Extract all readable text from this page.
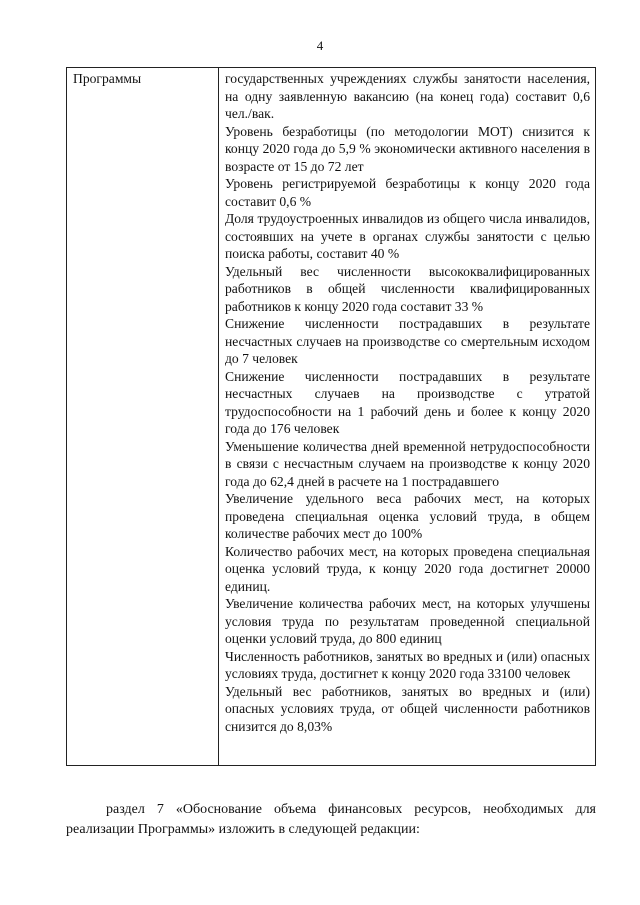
4
Программы	государственных учреждениях службы занятости населения, на одну заявленную вакансию (на конец года) составит 0,6 чел./вак.

Уровень безработицы (по методологии МОТ) снизится к концу 2020 года до 5,9 % экономически активного населения в возрасте от 15 до 72 лет

Уровень регистрируемой безработицы к концу 2020 года составит 0,6 %

Доля трудоустроенных инвалидов из общего числа инвалидов, состоявших на учете в органах службы занятости с целью поиска работы, составит 40 %

Удельный вес численности высококвалифицированных работников в общей численности квалифицированных работников к концу 2020 года составит 33 %

Снижение численности пострадавших в результате несчастных случаев на производстве со смертельным исходом до 7 человек

Снижение численности пострадавших в результате несчастных случаев на производстве с утратой трудоспособности на 1 рабочий день и более к концу 2020 года до 176 человек

Уменьшение количества дней временной нетрудоспособности в связи с несчастным случаем на производстве к концу 2020 года до 62,4 дней в расчете на 1 пострадавшего

Увеличение удельного веса рабочих мест, на которых проведена специальная оценка условий труда, в общем количестве рабочих мест до 100%

Количество рабочих мест, на которых проведена специальная оценка условий труда, к концу 2020 года достигнет 20000 единиц.

Увеличение количества рабочих мест, на которых улучшены условия труда по результатам проведенной специальной оценки условий труда, до 800 единиц

Численность работников, занятых во вредных и (или) опасных условиях труда, достигнет к концу 2020 года 33100 человек

Удельный вес работников, занятых во вредных и (или) опасных условиях труда, от общей численности работников снизится до 8,03%

раздел 7 «Обоснование объема финансовых ресурсов, необходимых для реализации Программы» изложить в следующей редакции:
